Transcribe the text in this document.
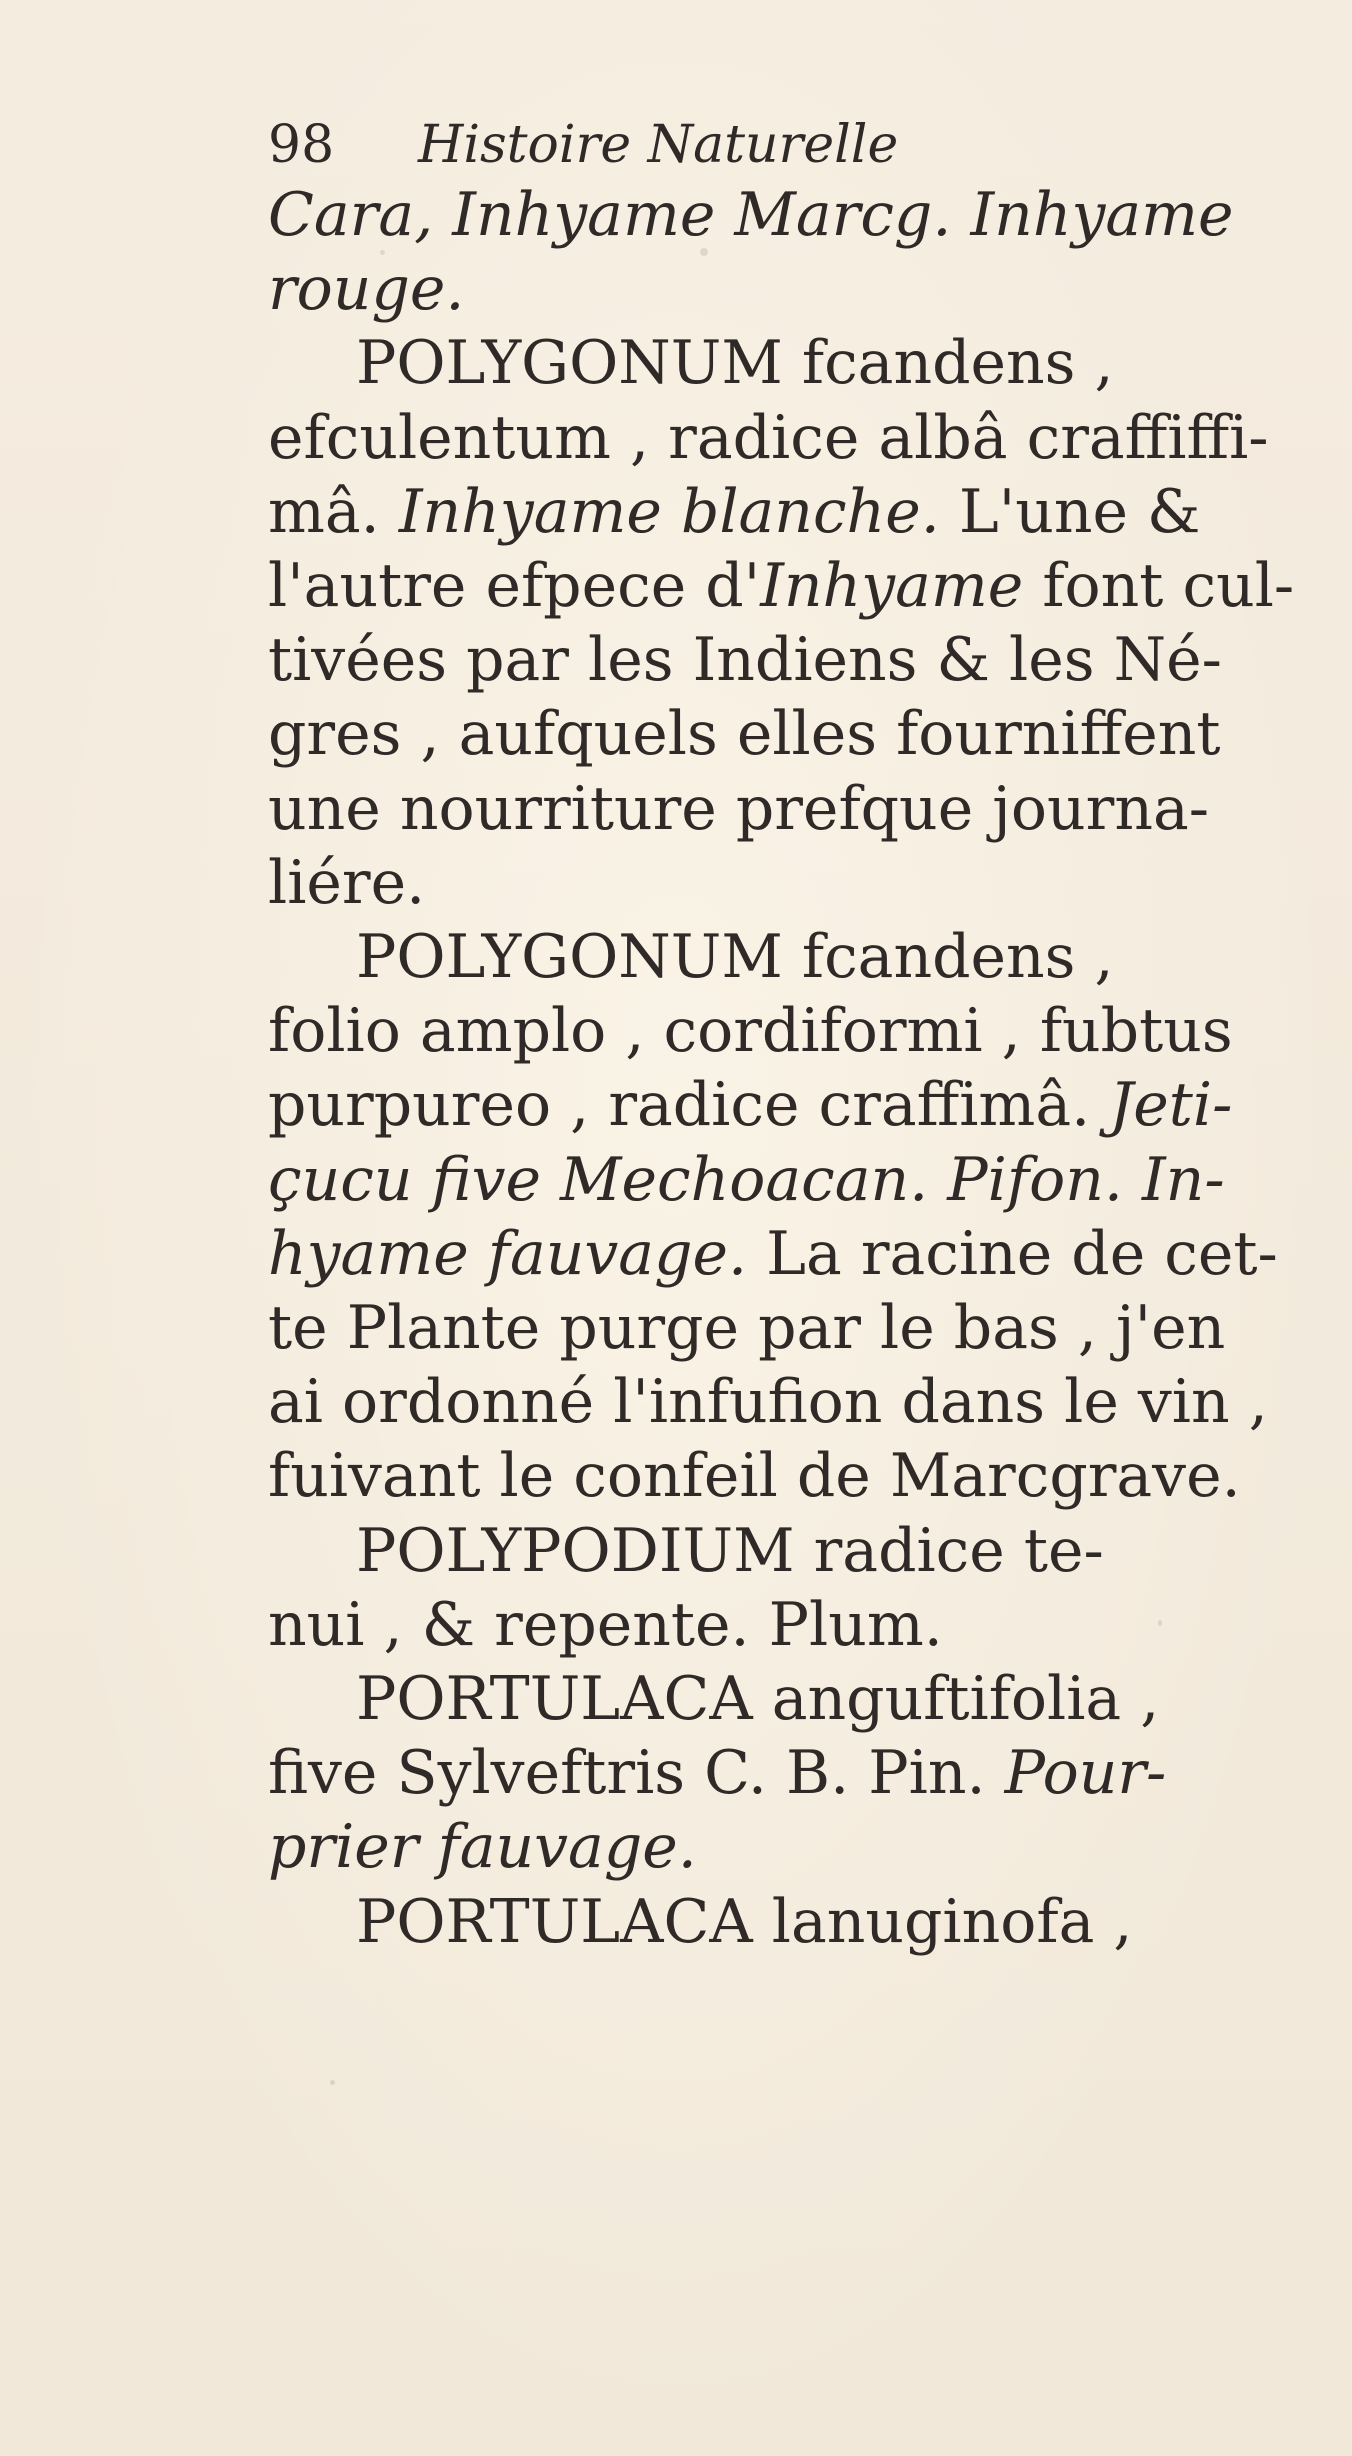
98 Histoire Naturelle
Cara, Inhyame Marcg. Inhyame
rouge.
POLYGONUM fcandens ,
efculentum , radice albâ craffiffi-
mâ. Inhyame blanche. L'une &
l'autre efpece d'Inhyame font cul-
tivées par les Indiens & les Né-
gres , aufquels elles fourniffent
une nourriture prefque journa-
liére.
POLYGONUM fcandens ,
folio amplo , cordiformi , fubtus
purpureo , radice craffimâ. Jeti-
çucu five Mechoacan. Pifon. In-
hyame fauvage. La racine de cet-
te Plante purge par le bas , j'en
ai ordonné l'infufion dans le vin ,
fuivant le confeil de Marcgrave.
POLYPODIUM radice te-
nui , & repente. Plum.
PORTULACA anguftifolia ,
five Sylveftris C. B. Pin. Pour-
prier fauvage.
PORTULACA lanuginofa ,
